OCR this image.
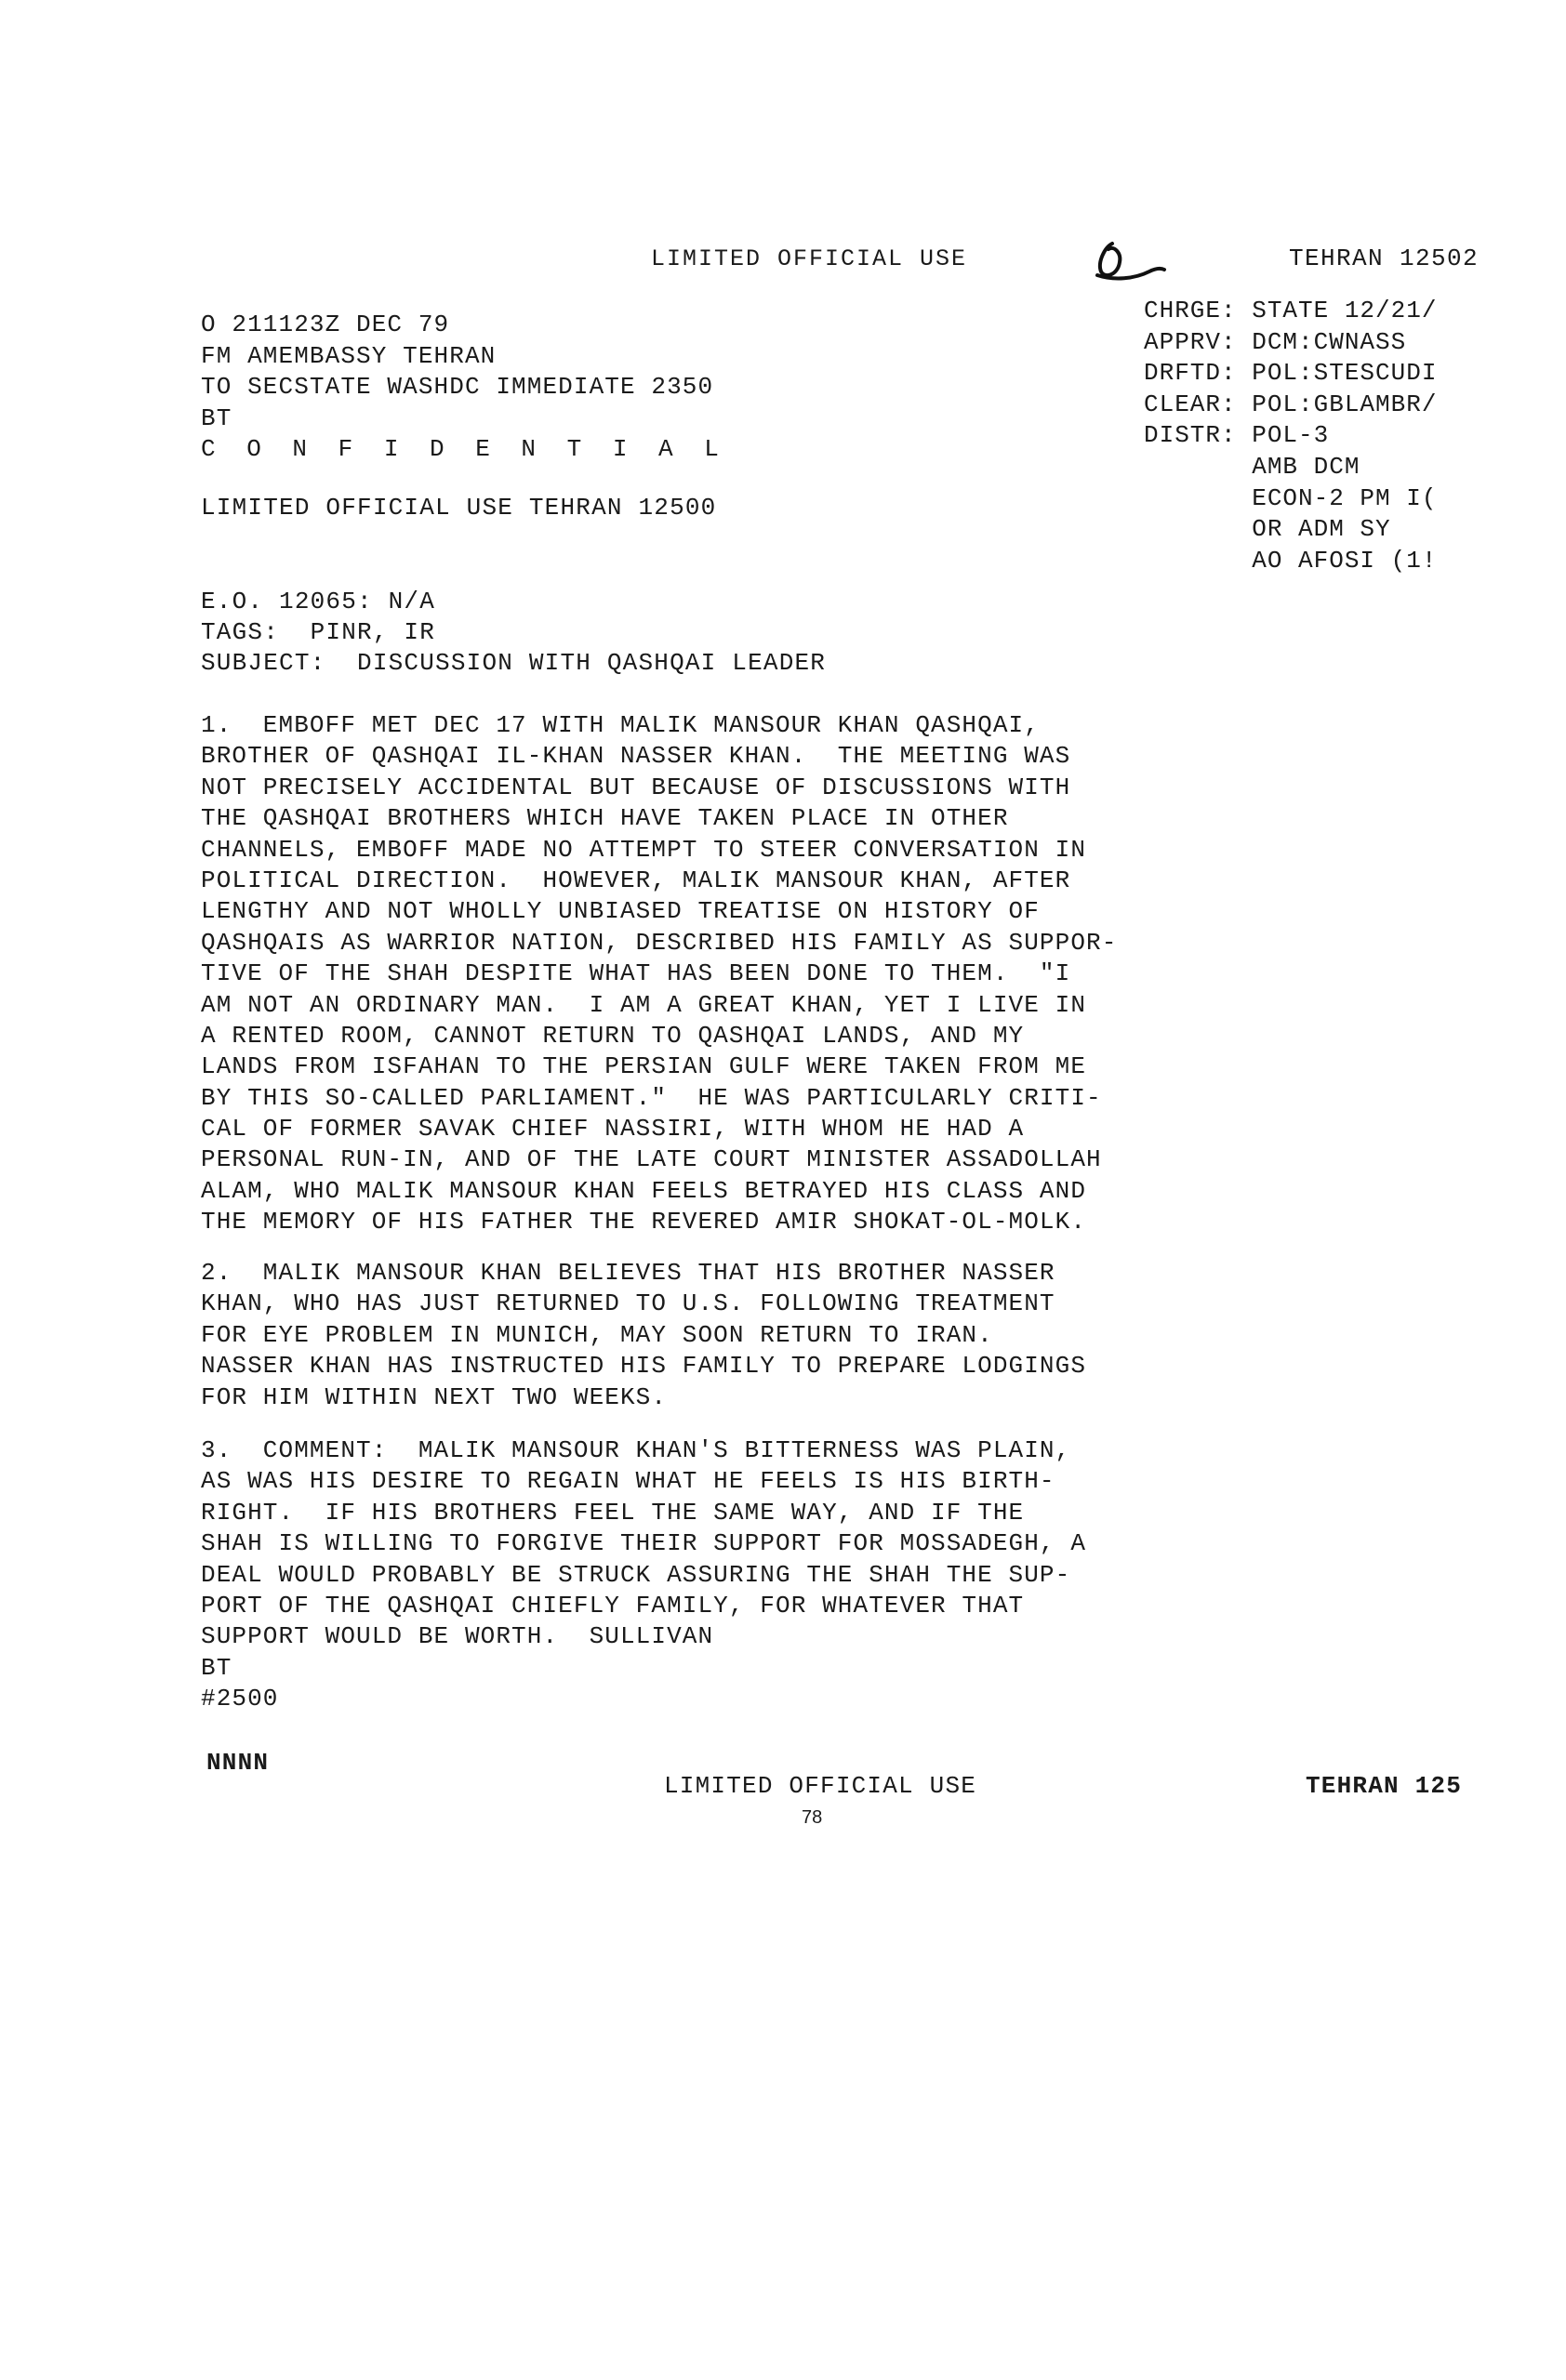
LIMITED OFFICIAL USE	TEHRAN 12502
O 211123Z DEC 79
FM AMEMBASSY TEHRAN
TO SECSTATE WASHDC IMMEDIATE 2350
BT
C O N F I D E N T I A L
CHRGE: STATE 12/21/
APPRV: DCM:CWNASS
DRFTD: POL:STESCUDI
CLEAR: POL:GBLAMBR/
DISTR: POL-3
AMB DCM
ECON-2 PM I(
OR ADM SY
AO AFOSI (1!
LIMITED OFFICIAL USE TEHRAN 12500
E.O. 12065: N/A
TAGS:  PINR, IR
SUBJECT:  DISCUSSION WITH QASHQAI LEADER
1.  EMBOFF MET DEC 17 WITH MALIK MANSOUR KHAN QASHQAI,
BROTHER OF QASHQAI IL-KHAN NASSER KHAN.  THE MEETING WAS
NOT PRECISELY ACCIDENTAL BUT BECAUSE OF DISCUSSIONS WITH
THE QASHQAI BROTHERS WHICH HAVE TAKEN PLACE IN OTHER
CHANNELS, EMBOFF MADE NO ATTEMPT TO STEER CONVERSATION IN
POLITICAL DIRECTION.  HOWEVER, MALIK MANSOUR KHAN, AFTER
LENGTHY AND NOT WHOLLY UNBIASED TREATISE ON HISTORY OF
QASHQAIS AS WARRIOR NATION, DESCRIBED HIS FAMILY AS SUPPOR-
TIVE OF THE SHAH DESPITE WHAT HAS BEEN DONE TO THEM.  "I
AM NOT AN ORDINARY MAN.  I AM A GREAT KHAN, YET I LIVE IN
A RENTED ROOM, CANNOT RETURN TO QASHQAI LANDS, AND MY
LANDS FROM ISFAHAN TO THE PERSIAN GULF WERE TAKEN FROM ME
BY THIS SO-CALLED PARLIAMENT."  HE WAS PARTICULARLY CRITI-
CAL OF FORMER SAVAK CHIEF NASSIRI, WITH WHOM HE HAD A
PERSONAL RUN-IN, AND OF THE LATE COURT MINISTER ASSADOLLAH
ALAM, WHO MALIK MANSOUR KHAN FEELS BETRAYED HIS CLASS AND
THE MEMORY OF HIS FATHER THE REVERED AMIR SHOKAT-OL-MOLK.
2.  MALIK MANSOUR KHAN BELIEVES THAT HIS BROTHER NASSER
KHAN, WHO HAS JUST RETURNED TO U.S. FOLLOWING TREATMENT
FOR EYE PROBLEM IN MUNICH, MAY SOON RETURN TO IRAN.
NASSER KHAN HAS INSTRUCTED HIS FAMILY TO PREPARE LODGINGS
FOR HIM WITHIN NEXT TWO WEEKS.
3.  COMMENT:  MALIK MANSOUR KHAN'S BITTERNESS WAS PLAIN,
AS WAS HIS DESIRE TO REGAIN WHAT HE FEELS IS HIS BIRTH-
RIGHT.  IF HIS BROTHERS FEEL THE SAME WAY, AND IF THE
SHAH IS WILLING TO FORGIVE THEIR SUPPORT FOR MOSSADEGH, A
DEAL WOULD PROBABLY BE STRUCK ASSURING THE SHAH THE SUP-
PORT OF THE QASHQAI CHIEFLY FAMILY, FOR WHATEVER THAT
SUPPORT WOULD BE WORTH.  SULLIVAN
BT
#2500
NNNN
LIMITED OFFICIAL USE	TEHRAN 125
78
